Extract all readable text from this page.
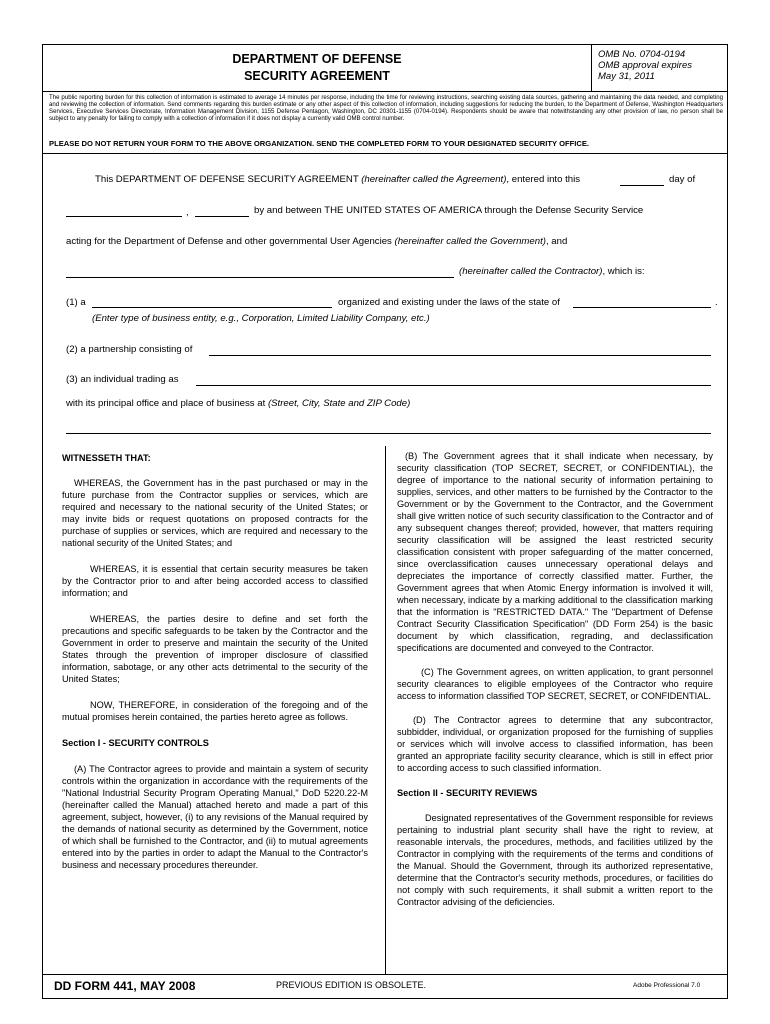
DEPARTMENT OF DEFENSE
SECURITY AGREEMENT
OMB No. 0704-0194
OMB approval expires
May 31, 2011
The public reporting burden for this collection of information is estimated to average 14 minutes per response, including the time for reviewing instructions, searching existing data sources, gathering and maintaining the data needed, and completing and reviewing the collection of information. Send comments regarding this burden estimate or any other aspect of this collection of information, including suggestions for reducing the burden, to the Department of Defense, Washington Headquarters Services, Executive Services Directorate, Information Management Division, 1155 Defense Pentagon, Washington, DC 20301-1155 (0704-0194). Respondents should be aware that notwithstanding any other provision of law, no person shall be subject to any penalty for failing to comply with a collection of information if it does not display a currently valid OMB control number.
PLEASE DO NOT RETURN YOUR FORM TO THE ABOVE ORGANIZATION. SEND THE COMPLETED FORM TO YOUR DESIGNATED SECURITY OFFICE.
This DEPARTMENT OF DEFENSE SECURITY AGREEMENT (hereinafter called the Agreement), entered into this	day of
,	by and between THE UNITED STATES OF AMERICA through the Defense Security Service
acting for the Department of Defense and other governmental User Agencies (hereinafter called the Government), and
(hereinafter called the Contractor), which is:
(1) a	organized and existing under the laws of the state of	.
(Enter type of business entity, e.g., Corporation, Limited Liability Company, etc.)
(2) a partnership consisting of
(3) an individual trading as
with its principal office and place of business at (Street, City, State and ZIP Code)

WITNESSETH THAT:

WHEREAS, the Government has in the past purchased or may in the future purchase from the Contractor supplies or services, which are required and necessary to the national security of the United States; or may invite bids or request quotations on proposed contracts for the purchase of supplies or services, which are required and necessary to the national security of the United States; and

WHEREAS, it is essential that certain security measures be taken by the Contractor prior to and after being accorded access to classified information; and

WHEREAS, the parties desire to define and set forth the precautions and specific safeguards to be taken by the Contractor and the Government in order to preserve and maintain the security of the United States through the prevention of improper disclosure of classified information, sabotage, or any other acts detrimental to the security of the United States;

NOW, THEREFORE, in consideration of the foregoing and of the mutual promises herein contained, the parties hereto agree as follows.

Section I - SECURITY CONTROLS

(A) The Contractor agrees to provide and maintain a system of security controls within the organization in accordance with the requirements of the "National Industrial Security Program Operating Manual," DoD 5220.22-M (hereinafter called the Manual) attached hereto and made a part of this agreement, subject, however, (i) to any revisions of the Manual required by the demands of national security as determined by the Government, notice of which shall be furnished to the Contractor, and (ii) to mutual agreements entered into by the parties in order to adapt the Manual to the Contractor's business and necessary procedures thereunder.

(B) The Government agrees that it shall indicate when necessary, by security classification (TOP SECRET, SECRET, or CONFIDENTIAL), the degree of importance to the national security of information pertaining to supplies, services, and other matters to be furnished by the Contractor to the Government or by the Government to the Contractor, and the Government shall give written notice of such security classification to the Contractor and of any subsequent changes thereof; provided, however, that matters requiring security classification will be assigned the least restricted security classification consistent with proper safeguarding of the matter concerned, since overclassification causes unnecessary operational delays and depreciates the importance of correctly classified matter. Further, the Government agrees that when Atomic Energy information is involved it will, when necessary, indicate by a marking additional to the classification marking that the information is "RESTRICTED DATA." The "Department of Defense Contract Security Classification Specification" (DD Form 254) is the basic document by which classification, regrading, and declassification specifications are documented and conveyed to the Contractor.

(C) The Government agrees, on written application, to grant personnel security clearances to eligible employees of the Contractor who require access to information classified TOP SECRET, SECRET, or CONFIDENTIAL.

(D) The Contractor agrees to determine that any subcontractor, subbidder, individual, or organization proposed for the furnishing of supplies or services which will involve access to classified information, has been granted an appropriate facility security clearance, which is still in effect prior to according access to such classified information.

Section II - SECURITY REVIEWS

Designated representatives of the Government responsible for reviews pertaining to industrial plant security shall have the right to review, at reasonable intervals, the procedures, methods, and facilities utilized by the Contractor in complying with the requirements of the terms and conditions of the Manual. Should the Government, through its authorized representative, determine that the Contractor's security methods, procedures, or facilities do not comply with such requirements, it shall submit a written report to the Contractor advising of the deficiencies.

DD FORM 441, MAY 2008	PREVIOUS EDITION IS OBSOLETE.	Adobe Professional 7.0
